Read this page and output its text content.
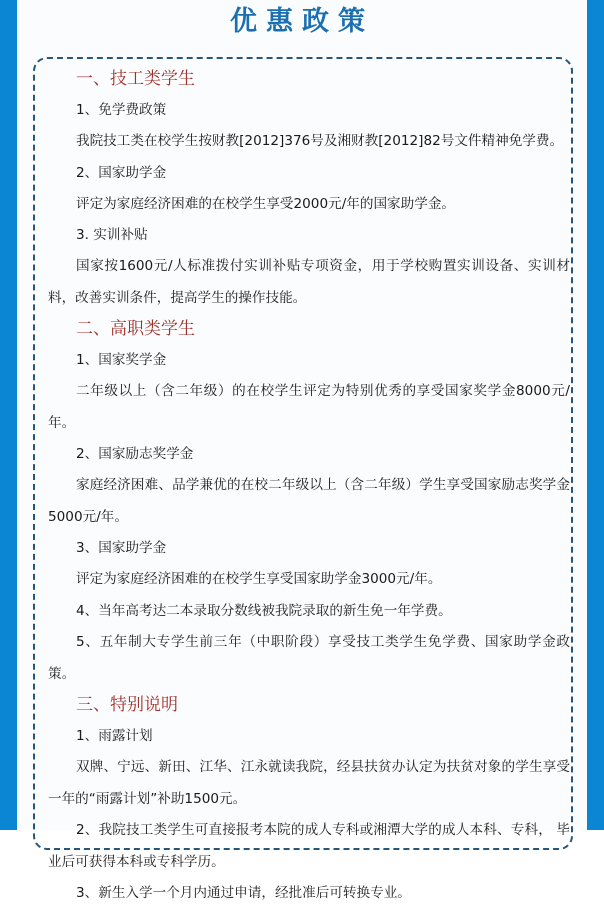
优惠政策
一、技工类学生
1、免学费政策
我院技工类在校学生按财教[2012]376号及湘财教[2012]82号文件精神免学费。
2、国家助学金
评定为家庭经济困难的在校学生享受2000元/年的国家助学金。
3. 实训补贴
国家按1600元/人标准拨付实训补贴专项资金，用于学校购置实训设备、实训材料，改善实训条件，提高学生的操作技能。
二、高职类学生
1、国家奖学金
二年级以上（含二年级）的在校学生评定为特别优秀的享受国家奖学金8000元/年。
2、国家励志奖学金
家庭经济困难、品学兼优的在校二年级以上（含二年级）学生享受国家励志奖学金5000元/年。
3、国家助学金
评定为家庭经济困难的在校学生享受国家助学金3000元/年。
4、当年高考达二本录取分数线被我院录取的新生免一年学费。
5、五年制大专学生前三年（中职阶段）享受技工类学生免学费、国家助学金政策。
三、特别说明
1、雨露计划
双牌、宁远、新田、江华、江永就读我院，经县扶贫办认定为扶贫对象的学生享受一年的“雨露计划”补助1500元。
2、我院技工类学生可直接报考本院的成人专科或湘潭大学的成人本科、专科， 毕业后可获得本科或专科学历。
3、新生入学一个月内通过申请，经批准后可转换专业。
